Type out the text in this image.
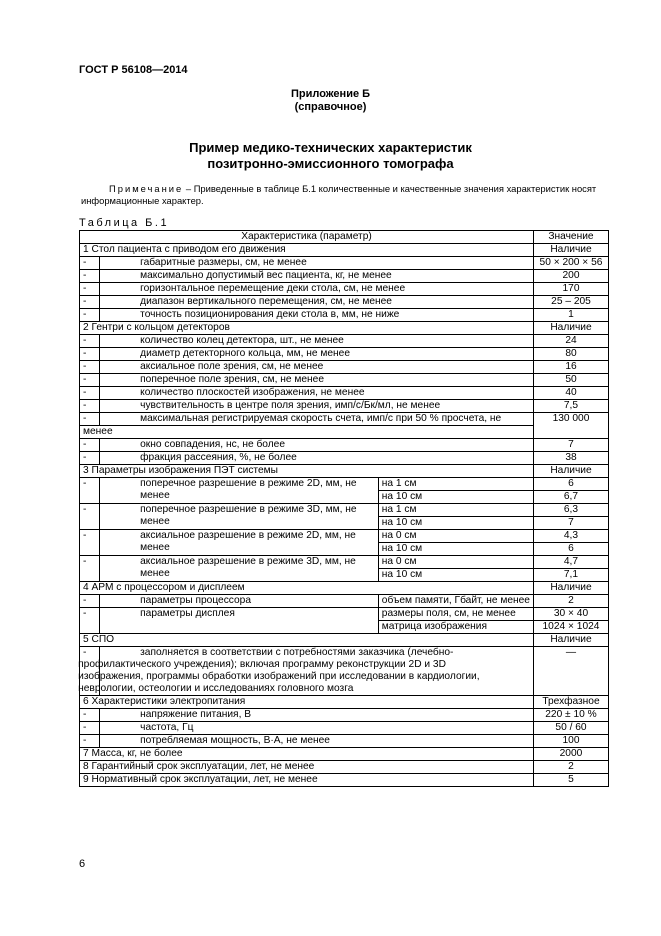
ГОСТ Р 56108—2014
Приложение Б
(справочное)
Пример медико-технических характеристик
позитронно-эмиссионного томографа
Примечание – Приведенные в таблице Б.1 количественные и качественные значения характеристик носят информационные характер.
Таблица Б.1
Характеристика (параметр)			Значение
1 Стол пациента с приводом его движения			Наличие
-	габаритные размеры, см, не менее		50 × 200 × 56
-	максимально допустимый вес пациента, кг, не менее		200
-	горизонтальное перемещение деки стола, см, не менее		170
-	диапазон вертикального перемещения, см, не менее		25 – 205
-	точность позиционирования деки стола в, мм, не ниже		1
2 Гентри с кольцом детекторов			Наличие
-	количество колец детектора, шт., не менее		24
-	диаметр детекторного кольца, мм, не менее		80
-	аксиальное поле зрения, см, не менее		16
-	поперечное поле зрения, см, не менее		50
-	количество плоскостей изображения, не менее		40
-	чувствительность в центре поля зрения, имп/с/Бк/мл, не менее		7,5
-	максимальная регистрируемая скорость счета, имп/с при 50 % просчета, не		130 000
менее			
-	окно совпадения, нс, не более		7
-	фракция рассеяния, %, не более		38
3 Параметры изображения ПЭТ системы			Наличие
-	поперечное разрешение в режиме 2D, мм, не менее	на 1 см	6
		на 10 см	6,7
-	поперечное разрешение в режиме 3D, мм, не менее	на 1 см	6,3
		на 10 см	7
-	аксиальное разрешение в режиме 2D, мм, не менее	на 0 см	4,3
		на 10 см	6
-	аксиальное разрешение в режиме 3D, мм, не менее	на 0 см	4,7
		на 10 см	7,1
4 АРМ с процессором и дисплеем			Наличие
-	параметры процессора	объем памяти, Гбайт, не менее	2
-	параметры дисплея	размеры поля, см, не менее	30 × 40
		матрица изображения	1024 × 1024
5 СПО			Наличие
-	заполняется в соответствии с потребностями заказчика (лечебно-
профилактического учреждения); включая программу реконструкции 2D и 3D
изображения, программы обработки изображений при исследовании в кардиологии,
неврологии, остеологии и исследованиях головного мозга		—
6 Характеристики электропитания			Трехфазное
-	напряжение питания, В		220 ± 10 %
-	частота, Гц		50 / 60
-	потребляемая мощность, В·А, не менее		100
7 Масса, кг, не более			2000
8 Гарантийный срок эксплуатации, лет, не менее			2
9 Нормативный срок эксплуатации, лет, не менее			5
6
